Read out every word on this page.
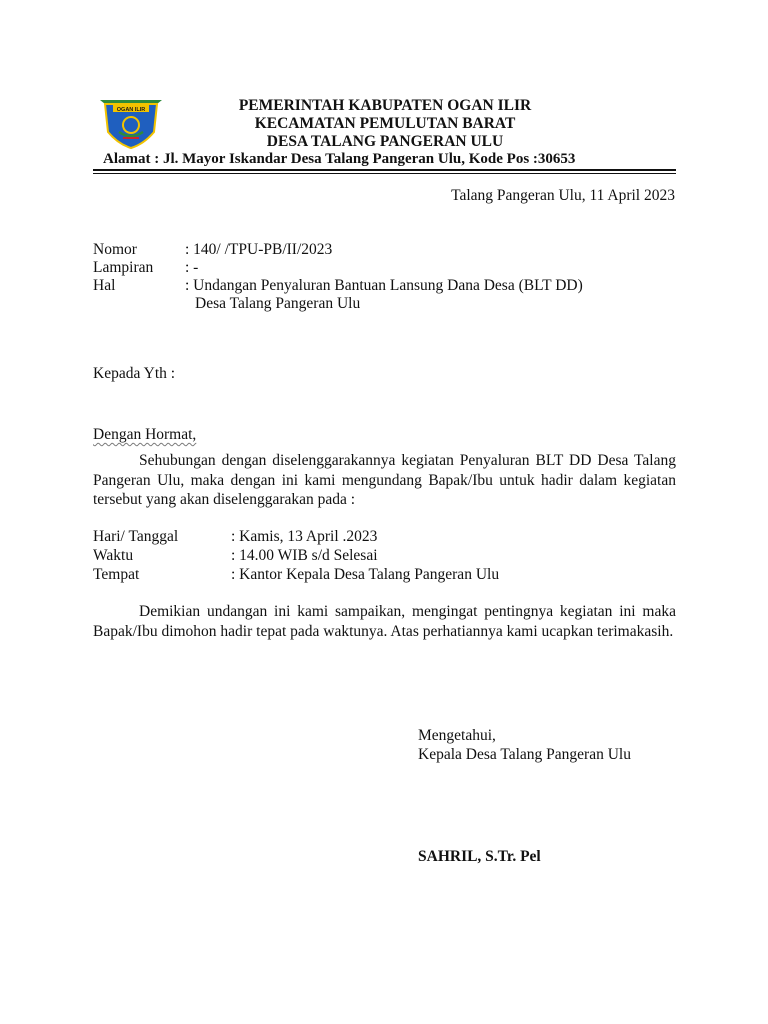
OGAN ILIR	PEMERINTAH KABUPATEN OGAN ILIR
KECAMATAN PEMULUTAN BARAT
DESA TALANG PANGERAN ULU
Alamat : Jl. Mayor Iskandar Desa Talang Pangeran Ulu, Kode Pos :30653
Talang Pangeran Ulu, 11 April 2023
Nomor	: 140/ /TPU-PB/II/2023
Lampiran : -
Hal	: Undangan Penyaluran Bantuan Lansung Dana Desa (BLT DD)
Desa Talang Pangeran Ulu
Kepada Yth :
Dengan Hormat,
Sehubungan dengan diselenggarakannya kegiatan Penyaluran BLT DD Desa Talang Pangeran Ulu, maka dengan ini kami mengundang Bapak/Ibu untuk hadir dalam kegiatan tersebut yang akan diselenggarakan pada :
Hari/ Tanggal	: Kamis, 13 April .2023
Waktu	: 14.00 WIB s/d Selesai
Tempat	: Kantor Kepala Desa Talang Pangeran Ulu
Demikian undangan ini kami sampaikan, mengingat pentingnya kegiatan ini maka Bapak/Ibu dimohon hadir tepat pada waktunya. Atas perhatiannya kami ucapkan terimakasih.
Mengetahui,
Kepala Desa Talang Pangeran Ulu
SAHRIL, S.Tr. Pel
